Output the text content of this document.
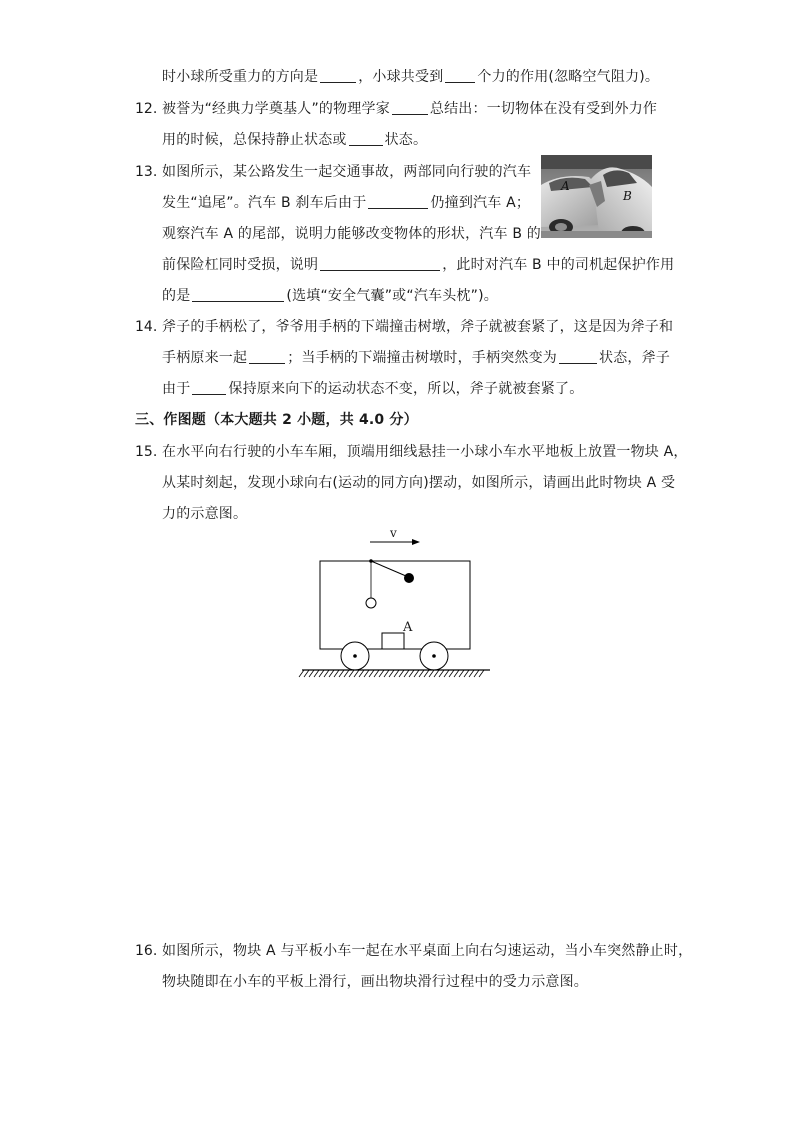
时小球所受重力的方向是	，小球共受到 个力的作用(忽略空气阻力)。
12. 被誉为“经典力学奠基人”的物理学家	总结出：一切物体在没有受到外力作
用的时候，总保持静止状态或	状态。
13. 如图所示，某公路发生一起交通事故，两部同向行驶的汽车
发生“追尾”。汽车 B 刹车后由于	仍撞到汽车 A；
观察汽车 A 的尾部，说明力能够改变物体的形状，汽车 B 的
前保险杠同时受损，说明	，此时对汽车 B 中的司机起保护作用
的是	(选填“安全气囊”或“汽车头枕”)。
A
B
14. 斧子的手柄松了，爷爷用手柄的下端撞击树墩，斧子就被套紧了，这是因为斧子和
手柄原来一起	；当手柄的下端撞击树墩时，手柄突然变为	状态，斧子
由于	保持原来向下的运动状态不变，所以，斧子就被套紧了。
三、作图题（本大题共 2 小题，共 4.0 分）
15. 在水平向右行驶的小车车厢，顶端用细线悬挂一小球小车水平地板上放置一物块 A，
从某时刻起，发现小球向右(运动的同方向)摆动，如图所示，请画出此时物块 A 受
力的示意图。
v
A
16. 如图所示，物块 A 与平板小车一起在水平桌面上向右匀速运动，当小车突然静止时，
物块随即在小车的平板上滑行，画出物块滑行过程中的受力示意图。
